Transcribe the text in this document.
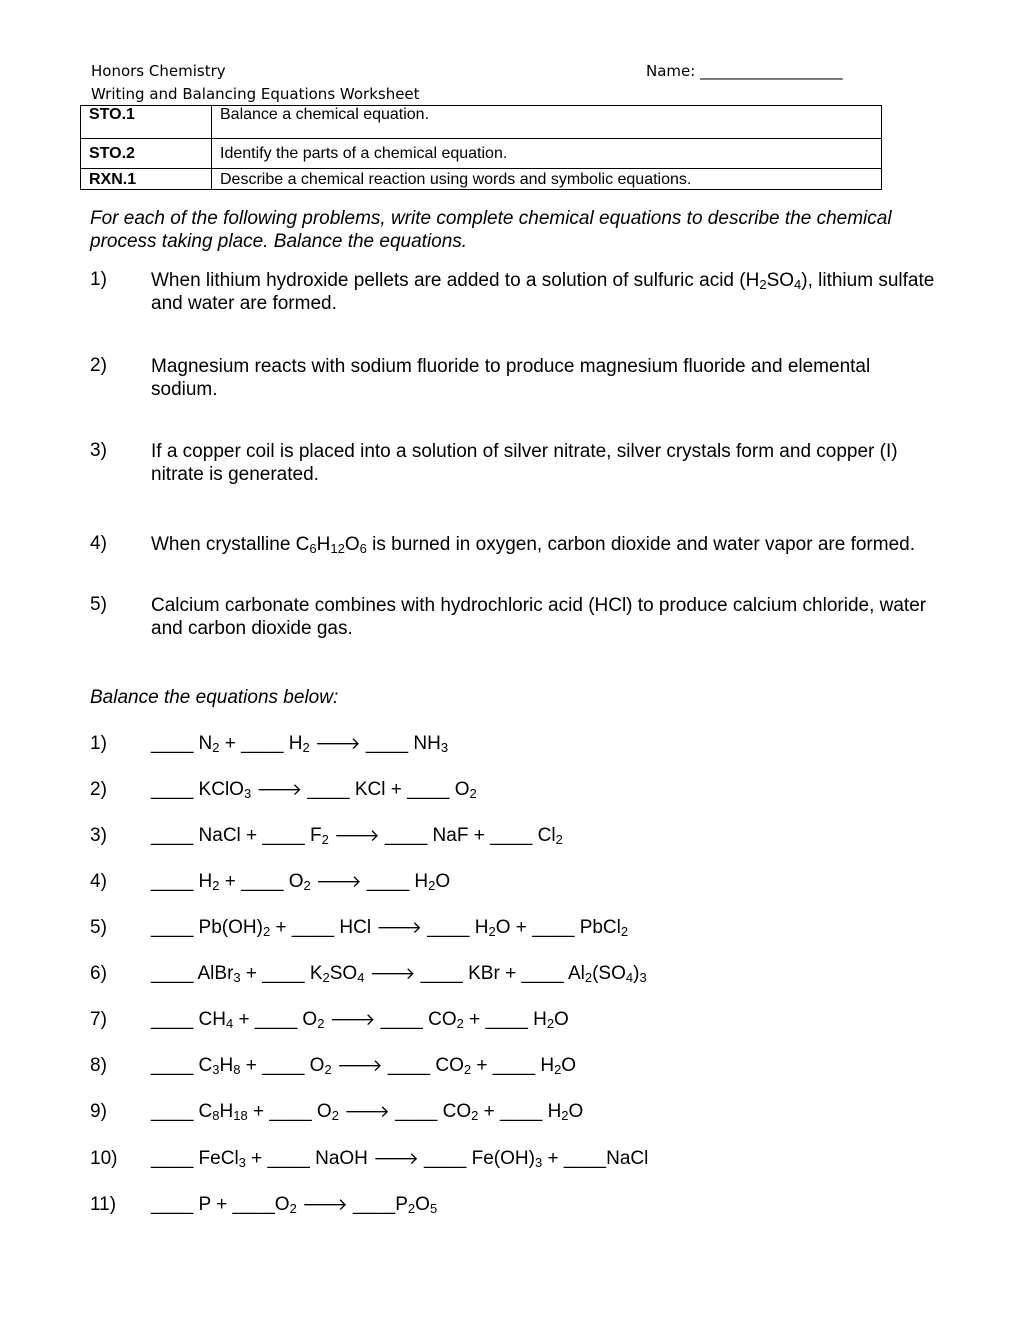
Honors Chemistry
Writing and Balancing Equations Worksheet
Name: ___________________
STO.1	Balance a chemical equation.
STO.2	Identify the parts of a chemical equation.
RXN.1	Describe a chemical reaction using words and symbolic equations.
For each of the following problems, write complete chemical equations to describe the chemical process taking place. Balance the equations.
1) When lithium hydroxide pellets are added to a solution of sulfuric acid $(H_2SO_4)$, lithium sulfate and water are formed.
2) Magnesium reacts with sodium fluoride to produce magnesium fluoride and elemental sodium.
3) If a copper coil is placed into a solution of silver nitrate, silver crystals form and copper (I) nitrate is generated.
4) When crystalline $C_6H_{12}O_6$ is burned in oxygen, carbon dioxide and water vapor are formed.
5) Calcium carbonate combines with hydrochloric acid (HCl) to produce calcium chloride, water and carbon dioxide gas.
Balance the equations below:
1) ____ $N_2$ + ____ $H_2$ 🡒 ____ $NH_3$
2) ____ KClO$_3$ 🡒 ____ KCl + ____ $O_2$
3) ____ NaCl + ____ $F_2$ 🡒 ____ NaF + ____ $Cl_2$
4) ____ $H_2$ + ____ $O_2$ 🡒 ____ $H_2O$
5) ____ $Pb(OH)_2$ + ____ HCl 🡒 ____ $H_2O$ + ____ PbCl$_2$
6) ____ AlBr$_3$ + ____ $K_2SO_4$ 🡒 ____ KBr + ____ $Al_2(SO_4)_3$
7) ____ $CH_4$ + ____ $O_2$ 🡒 ____ $CO_2$ + ____ $H_2O$
8) ____ $C_3H_8$ + ____ $O_2$ 🡒 ____ $CO_2$ + ____ $H_2O$
9) ____ $C_8H_{18}$ + ____ $O_2$ 🡒 ____ $CO_2$ + ____ $H_2O$
10) ____ FeCl$_3$ + ____ NaOH 🡒 ____ $Fe(OH)_3$ + ____NaCl
11) ____ $P + \_\_\_\_O_2$ 🡒 $\_\_\_\_P_2O_5$
